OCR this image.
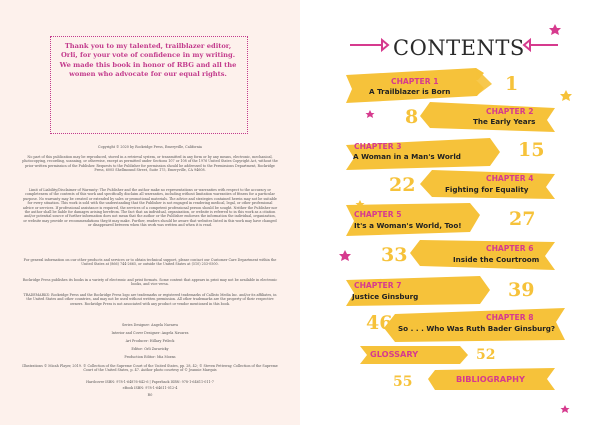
Thank you to my talented, trailblazer editor, Orli, for your vote of confidence in my writing. We made this book in honor of RBG and all the women who advocate for our equal rights.
Copyright © 2020 by Rockridge Press, Emeryville, California
No part of this publication may be reproduced, stored in a retrieval system, or transmitted in any form or by any means, electronic, mechanical, photocopying, recording, scanning, or otherwise, except as permitted under Sections 107 or 108 of the 1976 United States Copyright Act, without the prior written permission of the Publisher. Requests to the Publisher for permission should be addressed to the Permissions Department, Rockridge Press, 6005 Shellmound Street, Suite 175, Emeryville, CA 94608.
Limit of Liability/Disclaimer of Warranty: The Publisher and the author make no representations or warranties with respect to the accuracy or completeness of the contents of this work and specifically disclaim all warranties, including without limitation warranties of fitness for a particular purpose. No warranty may be created or extended by sales or promotional materials. The advice and strategies contained herein may not be suitable for every situation. This work is sold with the understanding that the Publisher is not engaged in rendering medical, legal, or other professional advice or services. If professional assistance is required, the services of a competent professional person should be sought. Neither the Publisher nor the author shall be liable for damages arising herefrom. The fact that an individual, organization, or website is referred to in this work as a citation and/or potential source of further information does not mean that the author or the Publisher endorses the information the individual, organization, or website may provide or recommendations they/it may make. Further, readers should be aware that websites listed in this work may have changed or disappeared between when this work was written and when it is read.
For general information on our other products and services or to obtain technical support, please contact our Customer Care Department within the United States at (866) 744-2665, or outside the United States at (510) 253-0500.
Rockridge Press publishes its books in a variety of electronic and print formats. Some content that appears in print may not be available in electronic books, and vice versa.
TRADEMARKS: Rockridge Press and the Rockridge Press logo are trademarks or registered trademarks of Callisto Media Inc. and/or its affiliates, in the United States and other countries, and may not be used without written permission. All other trademarks are the property of their respective owners. Rockridge Press is not associated with any product or vendor mentioned in this book.
Series Designer: Angela Navarra
Interior and Cover Designer: Angela Navarra
Art Producer: Hillary Frileck
Editor: Orli Zuravicky
Production Editor: Mia Moran
Illustrations © Micah Player, 2019. © Collection of the Supreme Court of the United States, pp. 28, 42; © Steven Petteway, Collection of the Supreme Court of the United States, p. 47. Author photo courtesy of © Jeannie Marquis
Hardcover ISBN: 978-1-64876-842-6 | Paperback ISBN: 978-1-64611-011-7
eBook ISBN: 978-1-64611-012-4
R0
CONTENTS
CHAPTER 1
A Trailblazer is Born	1
8	CHAPTER 2
The Early Years
CHAPTER 3
A Woman in a Man's World	15
22	CHAPTER 4
Fighting for Equality
CHAPTER 5
It's a Woman's World, Too! 27
33	CHAPTER 6
Inside the Courtroom
CHAPTER 7
Justice Ginsburg	39
46	CHAPTER 8
So . . . Who Was Ruth Bader Ginsburg?
GLOSSARY	52
55	BIBLIOGRAPHY
